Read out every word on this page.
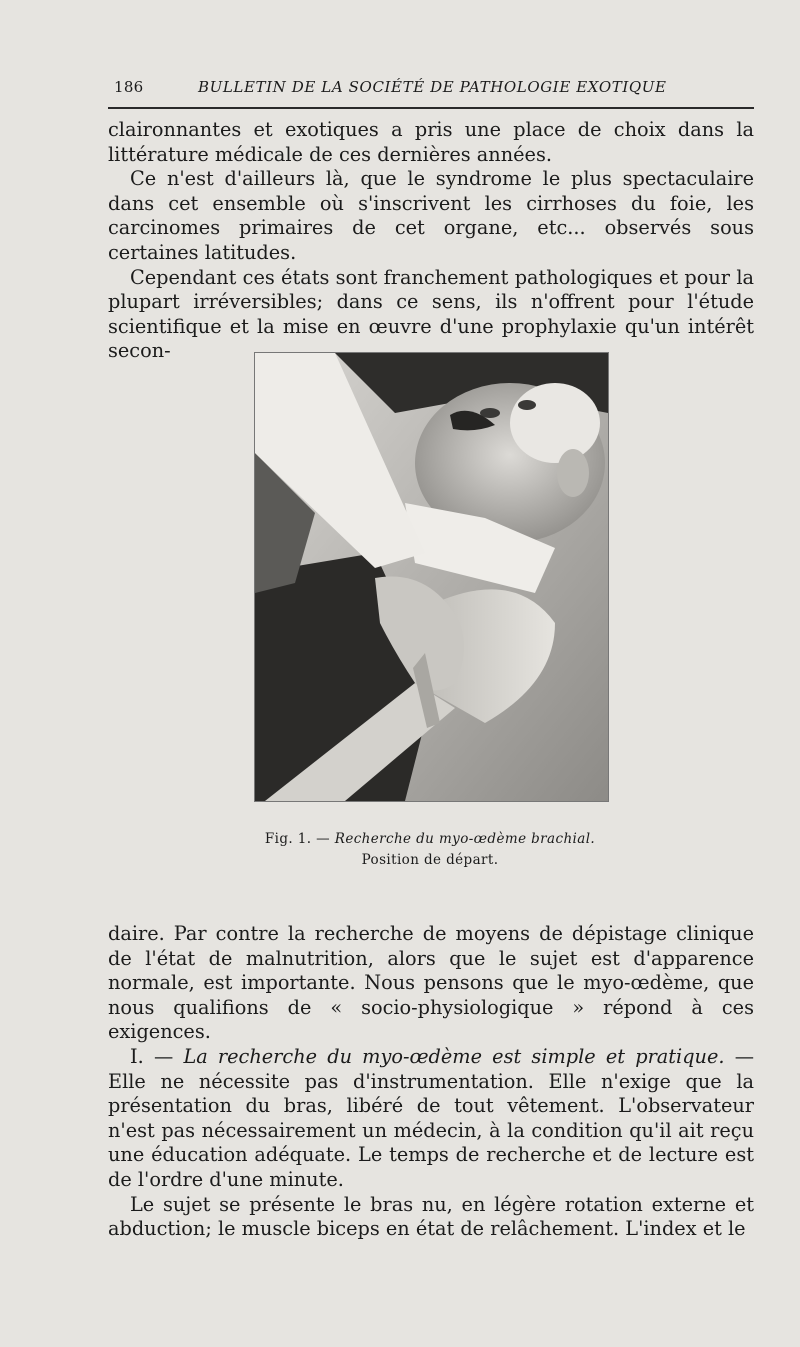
186	BULLETIN DE LA SOCIÉTÉ DE PATHOLOGIE EXOTIQUE

claironnantes et exotiques a pris une place de choix dans la littérature médicale de ces dernières années.

Ce n'est d'ailleurs là, que le syndrome le plus spectaculaire dans cet ensemble où s'inscrivent les cirrhoses du foie, les carcinomes primaires de cet organe, etc... observés sous certaines latitudes.

Cependant ces états sont franchement pathologiques et pour la plupart irréversibles; dans ce sens, ils n'offrent pour l'étude scientifique et la mise en œuvre d'une prophylaxie qu'un intérêt secon-

Fig. 1. — Recherche du myo-œdème brachial.
Position de départ.

daire. Par contre la recherche de moyens de dépistage clinique de l'état de malnutrition, alors que le sujet est d'apparence normale, est importante. Nous pensons que le myo-œdème, que nous qualifions de « socio-physiologique » répond à ces exigences.

I. — La recherche du myo-œdème est simple et pratique. — Elle ne nécessite pas d'instrumentation. Elle n'exige que la présentation du bras, libéré de tout vêtement. L'observateur n'est pas nécessairement un médecin, à la condition qu'il ait reçu une éducation adéquate. Le temps de recherche et de lecture est de l'ordre d'une minute.

Le sujet se présente le bras nu, en légère rotation externe et abduction; le muscle biceps en état de relâchement. L'index et le
